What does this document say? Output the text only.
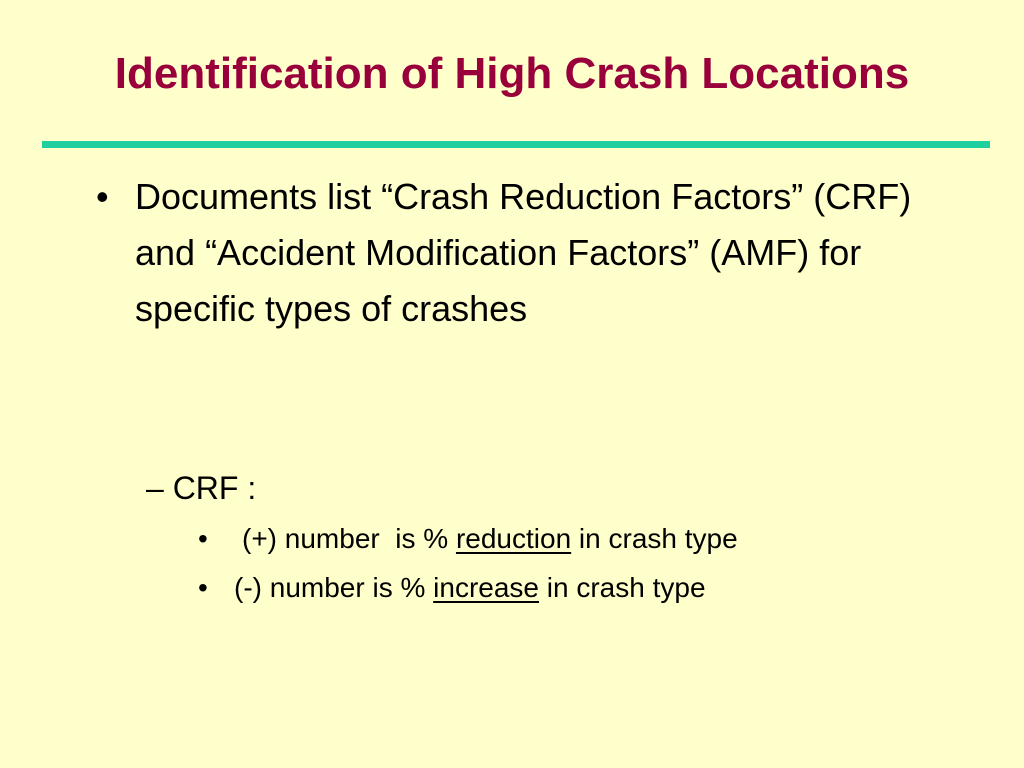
Identification of High Crash Locations
• Documents list “Crash Reduction Factors” (CRF) and “Accident Modification Factors” (AMF) for specific types of crashes
– CRF :
• (+) number  is % reduction in crash type
• (-) number is % increase in crash type
